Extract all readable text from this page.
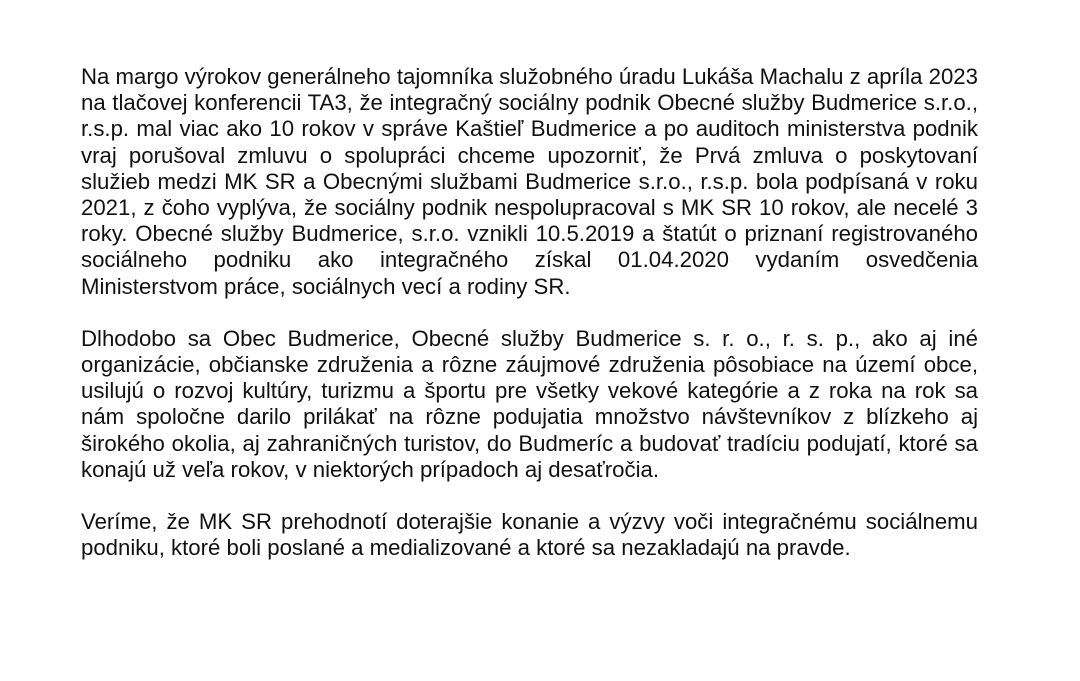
Na margo výrokov generálneho tajomníka služobného úradu Lukáša Machalu z apríla 2023 na tlačovej konferencii TA3, že integračný sociálny podnik Obecné služby Budmerice s.r.o., r.s.p. mal viac ako 10 rokov v správe Kaštieľ Budmerice a po auditoch ministerstva podnik vraj porušoval zmluvu o spolupráci chceme upozorniť, že Prvá zmluva o poskytovaní služieb medzi MK SR a Obecnými službami Budmerice s.r.o., r.s.p. bola podpísaná v roku 2021, z čoho vyplýva, že sociálny podnik nespolupracoval s MK SR 10 rokov, ale necelé 3 roky. Obecné služby Budmerice, s.r.o. vznikli 10.5.2019 a štatút o priznaní registrovaného sociálneho podniku ako integračného získal 01.04.2020 vydaním osvedčenia Ministerstvom práce, sociálnych vecí a rodiny SR.

Dlhodobo sa Obec Budmerice, Obecné služby Budmerice s. r. o., r. s. p., ako aj iné organizácie, občianske združenia a rôzne záujmové združenia pôsobiace na území obce, usilujú o rozvoj kultúry, turizmu a športu pre všetky vekové kategórie a z roka na rok sa nám spoločne darilo prilákať na rôzne podujatia množstvo návštevníkov z blízkeho aj širokého okolia, aj zahraničných turistov, do Budmeríc a budovať tradíciu podujatí, ktoré sa konajú už veľa rokov, v niektorých prípadoch aj desaťročia.

Veríme, že MK SR prehodnotí doterajšie konanie a výzvy voči integračnému sociálnemu podniku, ktoré boli poslané a medializované a ktoré sa nezakladajú na pravde.
